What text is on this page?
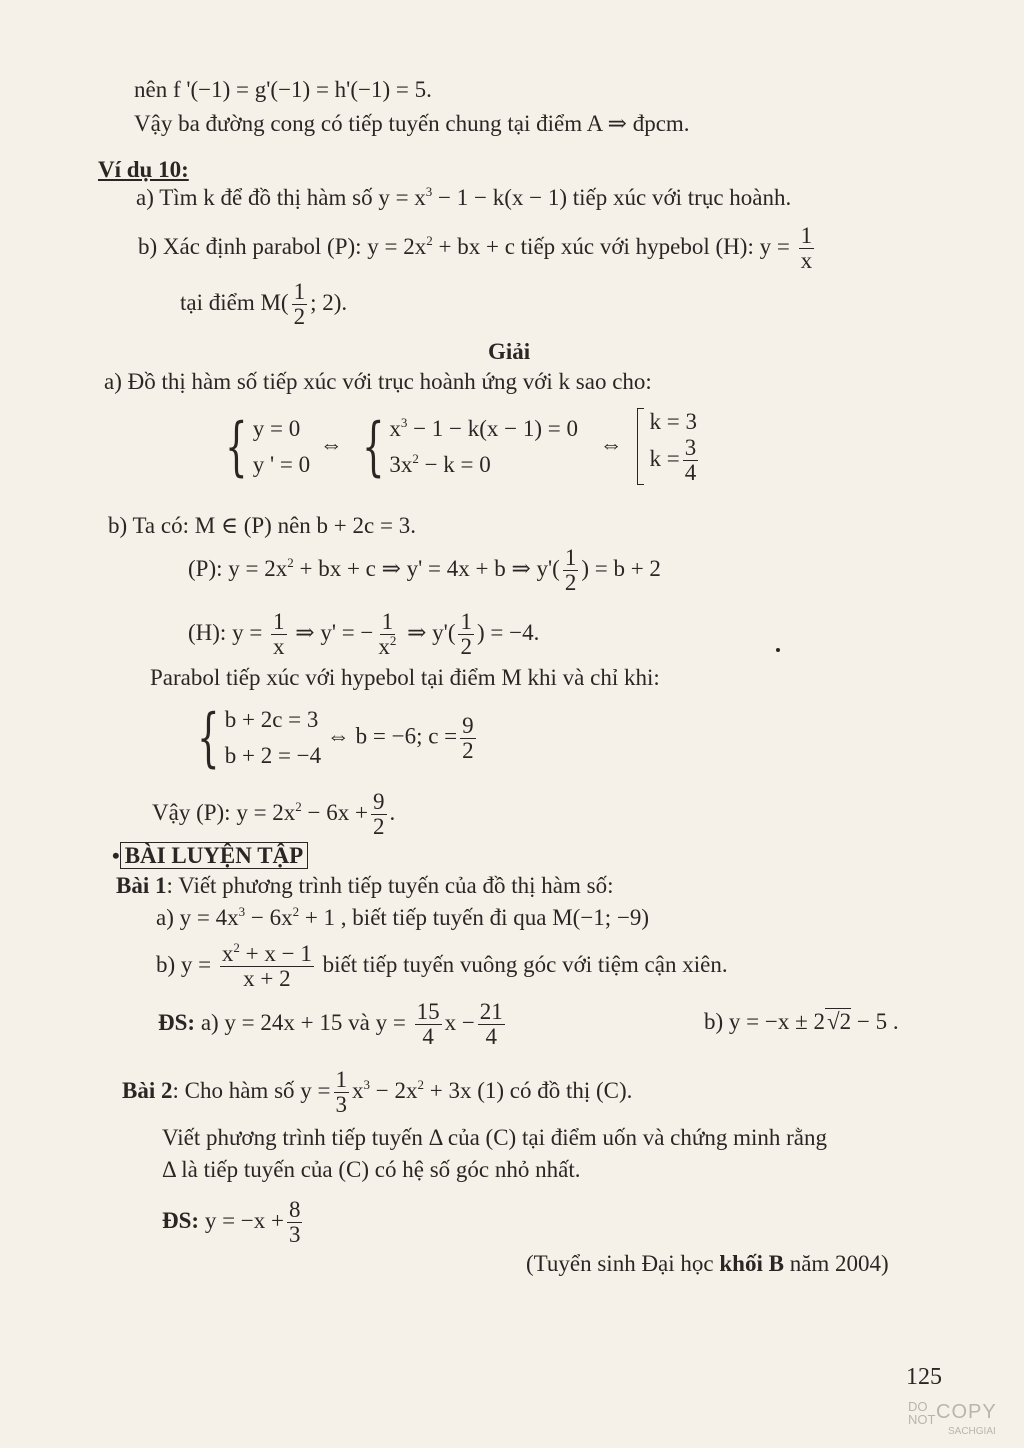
nên f '(−1) = g'(−1) = h'(−1) = 5.
Vậy ba đường cong có tiếp tuyến chung tại điểm A ⇒ đpcm.
Ví dụ 10:
a) Tìm k để đồ thị hàm số $y = x^3 - 1 - k(x - 1)$ tiếp xúc với trục hoành.
b) Xác định parabol (P): $y = 2x^2$ + bx + c tiếp xúc với hypebol (H): $y = \frac{1}{x}$
tại điểm $M( \frac{1}{2}$ ; 2).
Giải
a) Đồ thị hàm số tiếp xúc với trục hoành ứng với k sao cho:
{ y = 0
y ' = 0
⇔ { $x^3 - 1 - k(x - 1) = 0$
$3x^2 - k = 0$
⇔
k = 3
$k = \frac{3}{4}$
b) Ta có: M ∈ (P) nên b + 2c = 3.
(P): $y = 2x^2$ + bx + c ⇒ y' = 4x + b ⇒ $y'( \frac{1}{2}$ ) = b + 2
(H): $y = \frac{1}{x}$ ⇒ y' = − $\frac{1}{x^2}$ ⇒ $y'( \frac{1}{2}$ ) = −4.
Parabol tiếp xúc với hypebol tại điểm M khi và chỉ khi:
{ b + 2c = 3
b + 2 = −4
⇔ b = −6; $c = \frac{9}{2}$
Vậy (P): $y = 2x^2 - 6x + \frac{9}{2}$ .
• BÀI LUYỆN TẬP
Bài 1: Viết phương trình tiếp tuyến của đồ thị hàm số:
a) $y = 4x^3 - 6x^2 + 1$ , biết tiếp tuyến đi qua M(−1; −9)
b) $y = \frac{x^2 + x - 1}{x + 2}$ biết tiếp tuyến vuông góc với tiệm cận xiên.
ĐS: a) y = 24x + 15 và $y = \frac{15}{4}$ $x - \frac{21}{4}$	b) y = −x ± 2√2 − 5 .
Bài 2: Cho hàm số $y = \frac{1}{3} x^3 - 2x^2 + 3x$ (1) có đồ thị (C).
Viết phương trình tiếp tuyến Δ của (C) tại điểm uốn và chứng minh rằng
Δ là tiếp tuyến của (C) có hệ số góc nhỏ nhất.
ĐS: $y = -x + \frac{8}{3}$
(Tuyển sinh Đại học khối B năm 2004)
125
DO
NOT COPY
SACHGIAI
